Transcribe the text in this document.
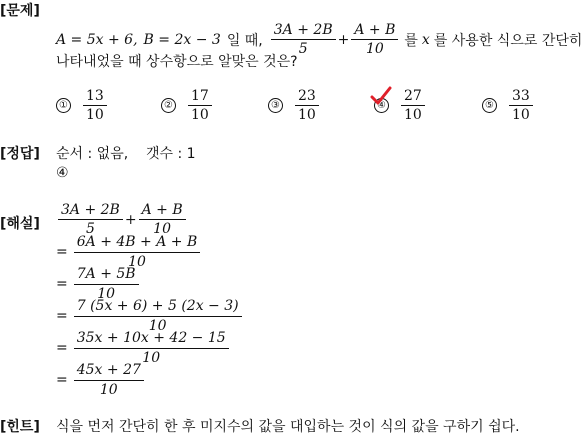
[문제]
A = 5x + 6, B = 2x − 3 일 때, $\frac{3A + 2B}{5} + \frac{A + B}{10}$ 를 x 를 사용한 식으로 간단히
나타내었을 때 상수항으로 알맞은 것은?
① $\frac{13}{10}$	② $\frac{17}{10}$	③ $\frac{23}{10}$	④ $\frac{27}{10}$	⑤ $\frac{33}{10}$
[정답] 순서 : 없음,    갯수 : 1
④
[해설] $\frac{3A + 2B}{5} + \frac{A + B}{10}$
= $\frac{6A + 4B + A + B}{10}$
= $\frac{7A + 5B}{10}$
= $\frac{7 (5x + 6) + 5 (2x - 3)}{10}$
= $\frac{35x + 10x + 42 - 15}{10}$
= $\frac{45x + 27}{10}$
[힌트] 식을 먼저 간단히 한 후 미지수의 값을 대입하는 것이 식의 값을 구하기 쉽다.
